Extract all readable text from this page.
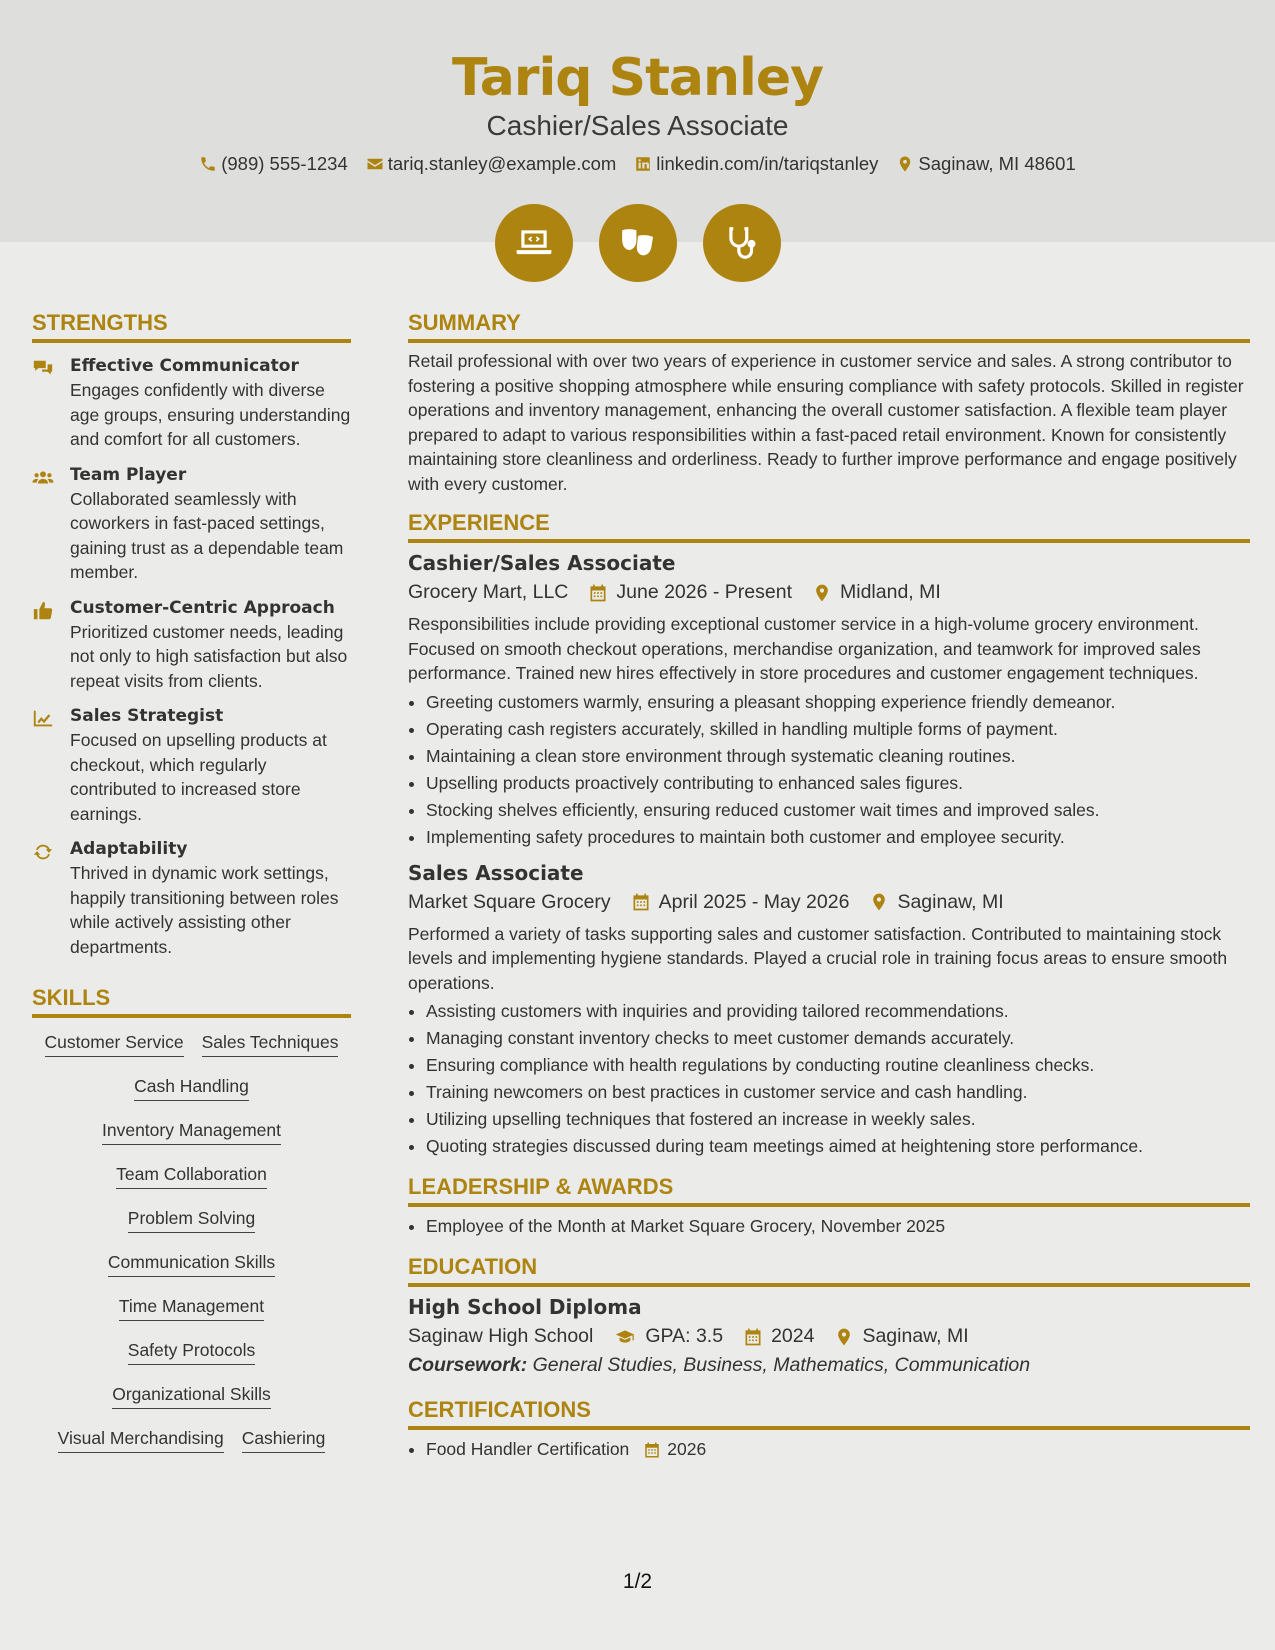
Tariq Stanley
Cashier/Sales Associate
(989) 555-1234 tariq.stanley@example.com linkedin.com/in/tariqstanley Saginaw, MI 48601
STRENGTHS
Effective Communicator
Engages confidently with diverse age groups, ensuring understanding and comfort for all customers.
Team Player
Collaborated seamlessly with coworkers in fast-paced settings, gaining trust as a dependable team member.
Customer-Centric Approach
Prioritized customer needs, leading not only to high satisfaction but also repeat visits from clients.
Sales Strategist
Focused on upselling products at checkout, which regularly contributed to increased store earnings.
Adaptability
Thrived in dynamic work settings, happily transitioning between roles while actively assisting other departments.
SKILLS
Customer Service Sales Techniques
Cash Handling
Inventory Management
Team Collaboration
Problem Solving
Communication Skills
Time Management
Safety Protocols
Organizational Skills
Visual Merchandising Cashiering
SUMMARY
Retail professional with over two years of experience in customer service and sales. A strong contributor to fostering a positive shopping atmosphere while ensuring compliance with safety protocols. Skilled in register operations and inventory management, enhancing the overall customer satisfaction. A flexible team player prepared to adapt to various responsibilities within a fast-paced retail environment. Known for consistently maintaining store cleanliness and orderliness. Ready to further improve performance and engage positively with every customer.
EXPERIENCE
Cashier/Sales Associate
Grocery Mart, LLC June 2026 - Present Midland, MI
Responsibilities include providing exceptional customer service in a high-volume grocery environment. Focused on smooth checkout operations, merchandise organization, and teamwork for improved sales performance. Trained new hires effectively in store procedures and customer engagement techniques.
• Greeting customers warmly, ensuring a pleasant shopping experience friendly demeanor.
• Operating cash registers accurately, skilled in handling multiple forms of payment.
• Maintaining a clean store environment through systematic cleaning routines.
• Upselling products proactively contributing to enhanced sales figures.
• Stocking shelves efficiently, ensuring reduced customer wait times and improved sales.
• Implementing safety procedures to maintain both customer and employee security.
Sales Associate
Market Square Grocery April 2025 - May 2026 Saginaw, MI
Performed a variety of tasks supporting sales and customer satisfaction. Contributed to maintaining stock levels and implementing hygiene standards. Played a crucial role in training focus areas to ensure smooth operations.
• Assisting customers with inquiries and providing tailored recommendations.
• Managing constant inventory checks to meet customer demands accurately.
• Ensuring compliance with health regulations by conducting routine cleanliness checks.
• Training newcomers on best practices in customer service and cash handling.
• Utilizing upselling techniques that fostered an increase in weekly sales.
• Quoting strategies discussed during team meetings aimed at heightening store performance.
LEADERSHIP & AWARDS
• Employee of the Month at Market Square Grocery, November 2025
EDUCATION
High School Diploma
Saginaw High School	GPA: 3.5 2024 Saginaw, MI
Coursework: General Studies, Business, Mathematics, Communication
CERTIFICATIONS
• Food Handler Certification 2026
1/2
